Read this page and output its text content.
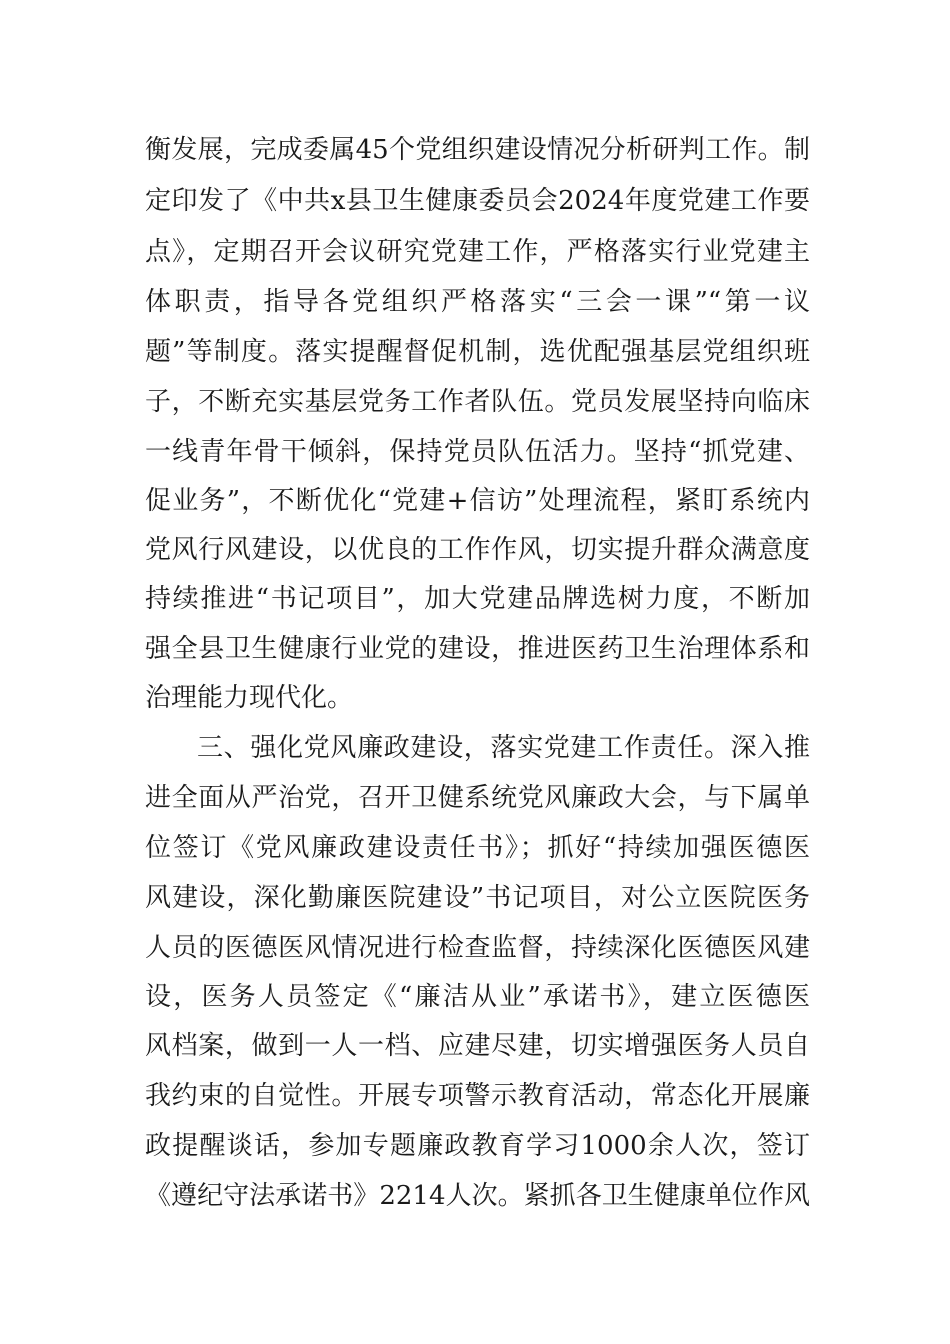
衡发展，完成委属45个党组织建设情况分析研判工作。制
定印发了《中共x县卫生健康委员会2024年度党建工作要
点》，定期召开会议研究党建工作，严格落实行业党建主
体职责，指导各党组织严格落实“三会一课”“第一议
题”等制度。落实提醒督促机制，选优配强基层党组织班
子，不断充实基层党务工作者队伍。党员发展坚持向临床
一线青年骨干倾斜，保持党员队伍活力。坚持“抓党建、
促业务”，不断优化“党建+信访”处理流程，紧盯系统内
党风行风建设，以优良的工作作风，切实提升群众满意度
持续推进“书记项目”，加大党建品牌选树力度，不断加
强全县卫生健康行业党的建设，推进医药卫生治理体系和
治理能力现代化。
三、强化党风廉政建设，落实党建工作责任。深入推
进全面从严治党，召开卫健系统党风廉政大会，与下属单
位签订《党风廉政建设责任书》；抓好“持续加强医德医
风建设，深化勤廉医院建设”书记项目，对公立医院医务
人员的医德医风情况进行检查监督，持续深化医德医风建
设，医务人员签定《“廉洁从业”承诺书》，建立医德医
风档案，做到一人一档、应建尽建，切实增强医务人员自
我约束的自觉性。开展专项警示教育活动，常态化开展廉
政提醒谈话，参加专题廉政教育学习1000余人次，签订
《遵纪守法承诺书》2214人次。紧抓各卫生健康单位作风
